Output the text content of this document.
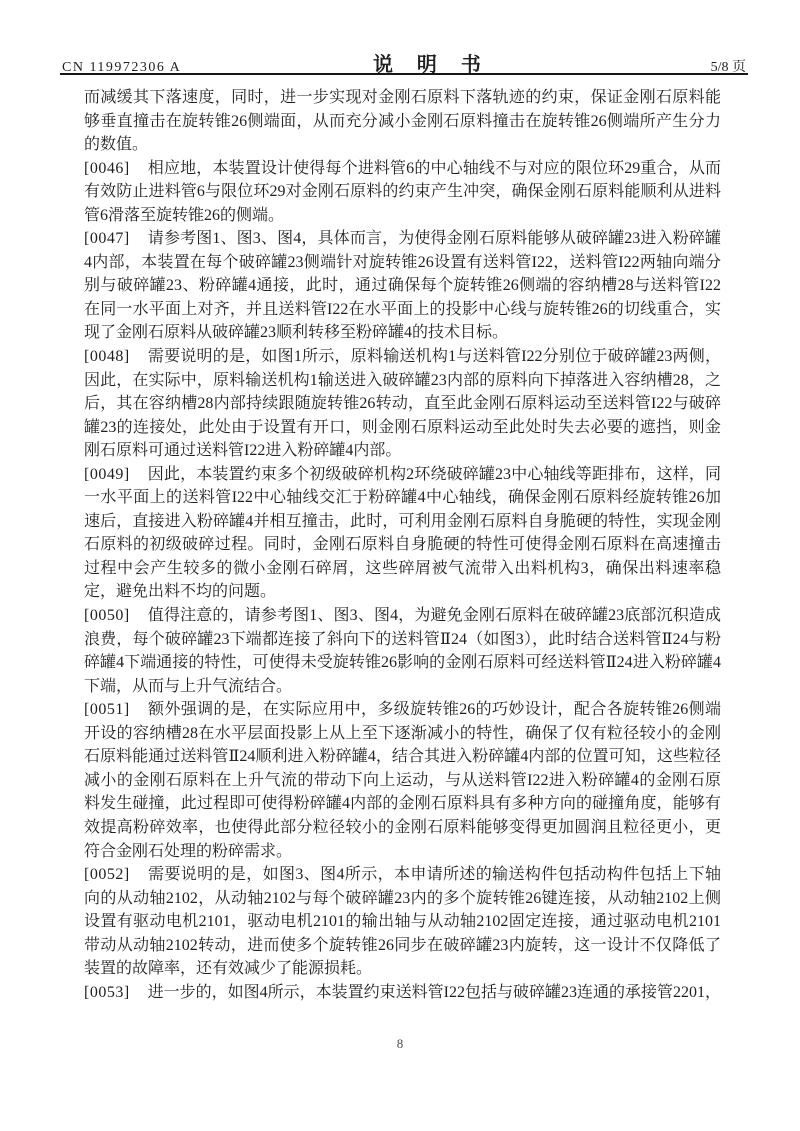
CN 119972306 A	说　明　书	5/8 页

而减缓其下落速度，同时，进一步实现对金刚石原料下落轨迹的约束，保证金刚石原料能够垂直撞击在旋转锥26侧端面，从而充分减小金刚石原料撞击在旋转锥26侧端所产生分力的数值。

[0046] 相应地，本装置设计使得每个进料管6的中心轴线不与对应的限位环29重合，从而有效防止进料管6与限位环29对金刚石原料的约束产生冲突，确保金刚石原料能顺利从进料管6滑落至旋转锥26的侧端。

[0047] 请参考图1、图3、图4，具体而言，为使得金刚石原料能够从破碎罐23进入粉碎罐4内部，本装置在每个破碎罐23侧端针对旋转锥26设置有送料管I22，送料管I22两轴向端分别与破碎罐23、粉碎罐4通接，此时，通过确保每个旋转锥26侧端的容纳槽28与送料管I22在同一水平面上对齐，并且送料管I22在水平面上的投影中心线与旋转锥26的切线重合，实现了金刚石原料从破碎罐23顺利转移至粉碎罐4的技术目标。

[0048] 需要说明的是，如图1所示，原料输送机构1与送料管I22分别位于破碎罐23两侧，因此，在实际中，原料输送机构1输送进入破碎罐23内部的原料向下掉落进入容纳槽28，之后，其在容纳槽28内部持续跟随旋转锥26转动，直至此金刚石原料运动至送料管I22与破碎罐23的连接处，此处由于设置有开口，则金刚石原料运动至此处时失去必要的遮挡，则金刚石原料可通过送料管I22进入粉碎罐4内部。

[0049] 因此，本装置约束多个初级破碎机构2环绕破碎罐23中心轴线等距排布，这样，同一水平面上的送料管I22中心轴线交汇于粉碎罐4中心轴线，确保金刚石原料经旋转锥26加速后，直接进入粉碎罐4并相互撞击，此时，可利用金刚石原料自身脆硬的特性，实现金刚石原料的初级破碎过程。同时，金刚石原料自身脆硬的特性可使得金刚石原料在高速撞击过程中会产生较多的微小金刚石碎屑，这些碎屑被气流带入出料机构3，确保出料速率稳定，避免出料不均的问题。

[0050] 值得注意的，请参考图1、图3、图4，为避免金刚石原料在破碎罐23底部沉积造成浪费，每个破碎罐23下端都连接了斜向下的送料管Ⅱ24（如图3），此时结合送料管Ⅱ24与粉碎罐4下端通接的特性，可使得未受旋转锥26影响的金刚石原料可经送料管Ⅱ24进入粉碎罐4下端，从而与上升气流结合。

[0051] 额外强调的是，在实际应用中，多级旋转锥26的巧妙设计，配合各旋转锥26侧端开设的容纳槽28在水平层面投影上从上至下逐渐减小的特性，确保了仅有粒径较小的金刚石原料能通过送料管Ⅱ24顺利进入粉碎罐4，结合其进入粉碎罐4内部的位置可知，这些粒径减小的金刚石原料在上升气流的带动下向上运动，与从送料管I22进入粉碎罐4的金刚石原料发生碰撞，此过程即可使得粉碎罐4内部的金刚石原料具有多种方向的碰撞角度，能够有效提高粉碎效率，也使得此部分粒径较小的金刚石原料能够变得更加圆润且粒径更小，更符合金刚石处理的粉碎需求。

[0052] 需要说明的是，如图3、图4所示，本申请所述的输送构件包括动构件包括上下轴向的从动轴2102，从动轴2102与每个破碎罐23内的多个旋转锥26键连接，从动轴2102上侧设置有驱动电机2101，驱动电机2101的输出轴与从动轴2102固定连接，通过驱动电机2101带动从动轴2102转动，进而使多个旋转锥26同步在破碎罐23内旋转，这一设计不仅降低了装置的故障率，还有效减少了能源损耗。

[0053] 进一步的，如图4所示，本装置约束送料管I22包括与破碎罐23连通的承接管2201，

8
